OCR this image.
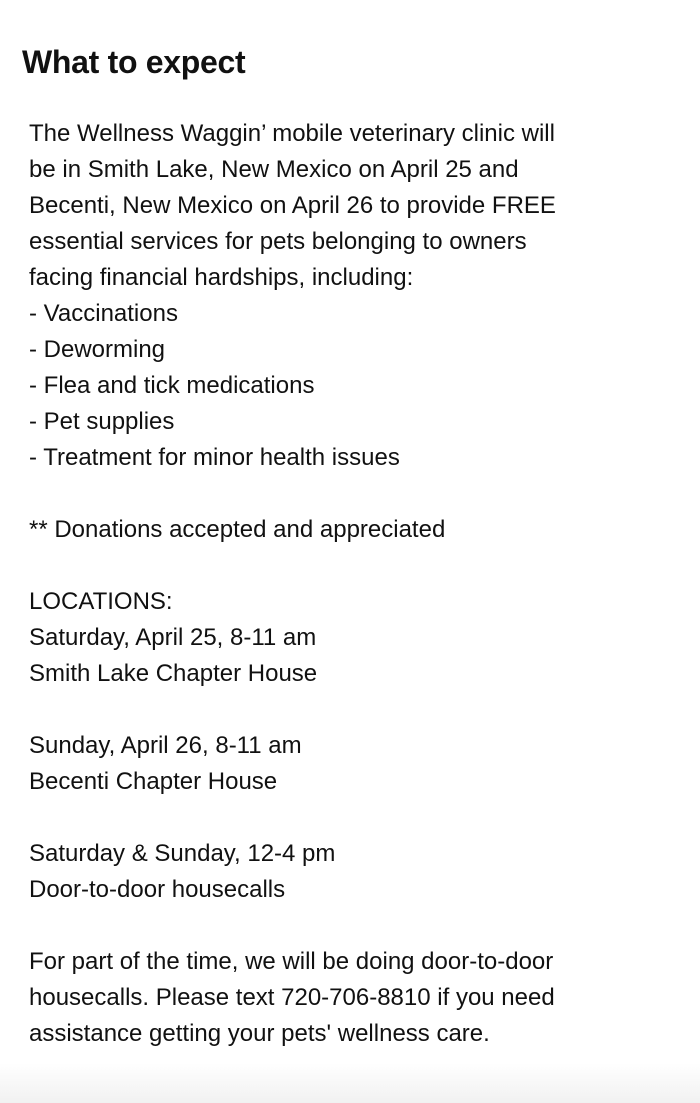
What to expect
The Wellness Waggin’ mobile veterinary clinic will
be in Smith Lake, New Mexico on April 25 and
Becenti, New Mexico on April 26 to provide FREE
essential services for pets belonging to owners
facing financial hardships, including:
- Vaccinations
- Deworming
- Flea and tick medications
- Pet supplies
- Treatment for minor health issues
** Donations accepted and appreciated
LOCATIONS:
Saturday, April 25, 8-11 am
Smith Lake Chapter House
Sunday, April 26, 8-11 am
Becenti Chapter House
Saturday & Sunday, 12-4 pm
Door-to-door housecalls
For part of the time, we will be doing door-to-door
housecalls. Please text 720-706-8810 if you need
assistance getting your pets' wellness care.
